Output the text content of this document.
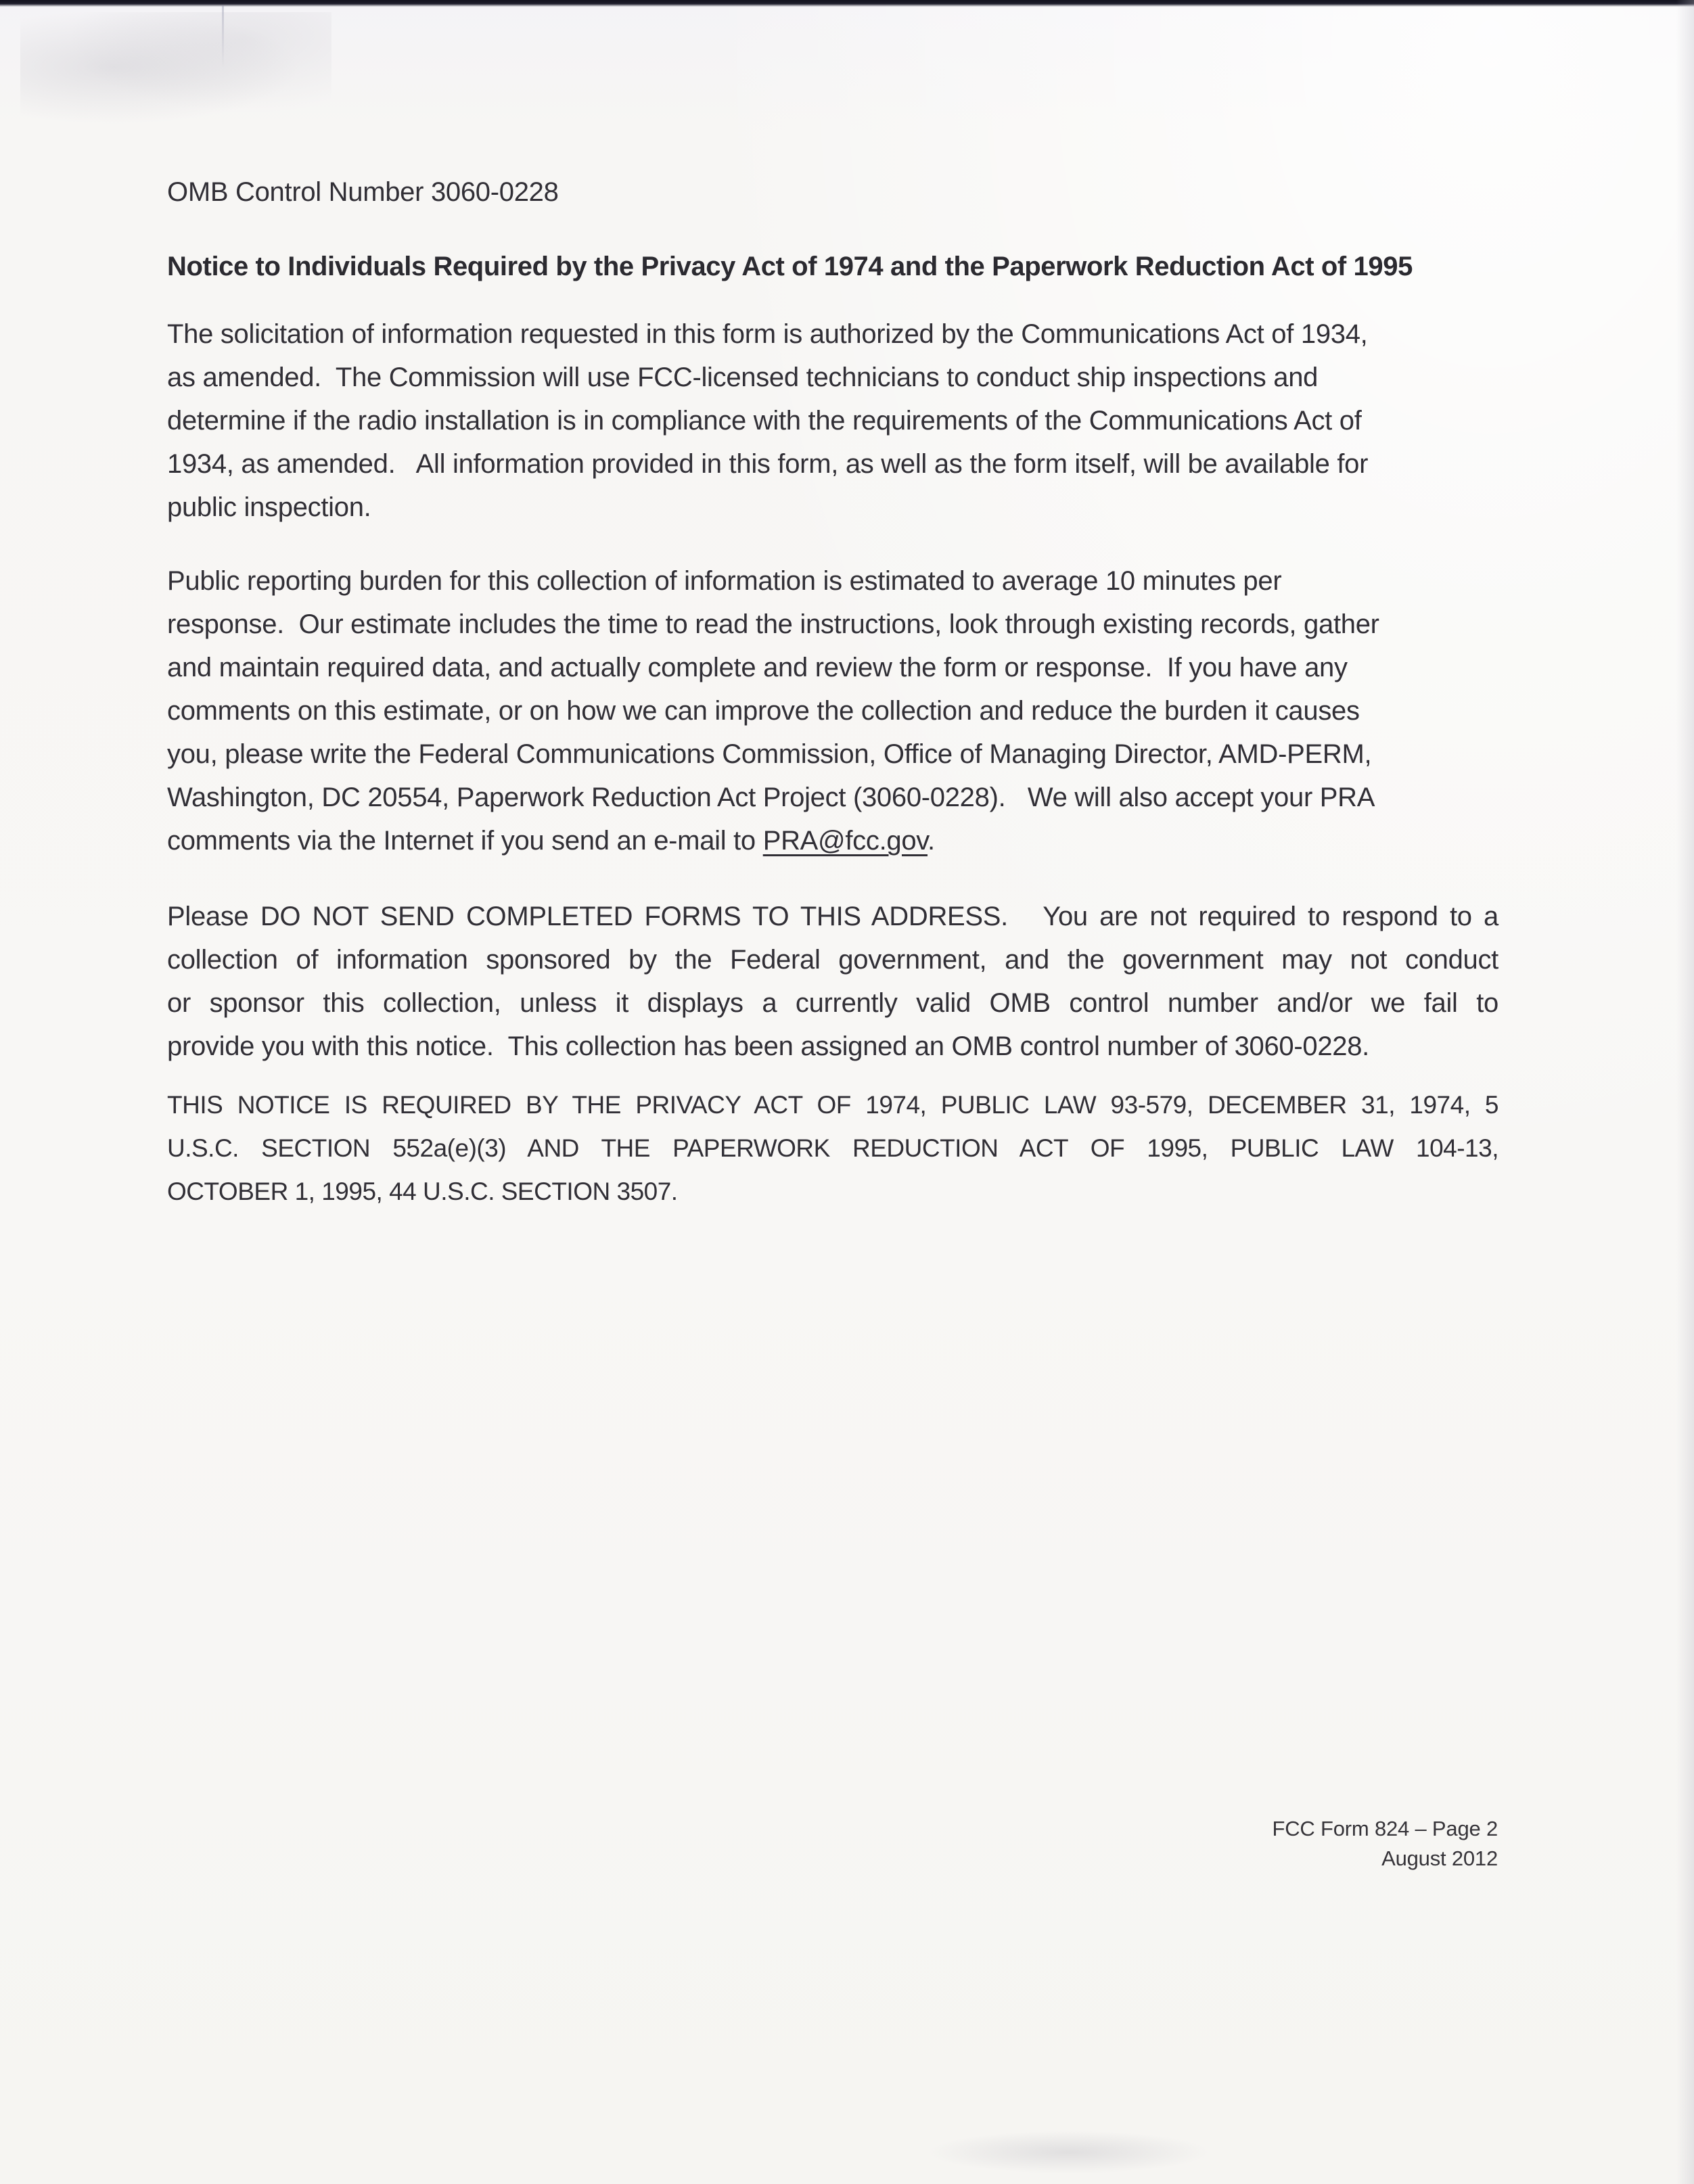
OMB Control Number 3060-0228
Notice to Individuals Required by the Privacy Act of 1974 and the Paperwork Reduction Act of 1995
The solicitation of information requested in this form is authorized by the Communications Act of 1934,
as amended.  The Commission will use FCC-licensed technicians to conduct ship inspections and
determine if the radio installation is in compliance with the requirements of the Communications Act of
1934, as amended.   All information provided in this form, as well as the form itself, will be available for
public inspection.
Public reporting burden for this collection of information is estimated to average 10 minutes per
response.  Our estimate includes the time to read the instructions, look through existing records, gather
and maintain required data, and actually complete and review the form or response.  If you have any
comments on this estimate, or on how we can improve the collection and reduce the burden it causes
you, please write the Federal Communications Commission, Office of Managing Director, AMD-PERM,
Washington, DC 20554, Paperwork Reduction Act Project (3060-0228).   We will also accept your PRA
comments via the Internet if you send an e-mail to PRA@fcc.gov.
Please DO NOT SEND COMPLETED FORMS TO THIS ADDRESS.   You are not required to respond to a
collection of information sponsored by the Federal government, and the government may not conduct
or sponsor this collection, unless it displays a currently valid OMB control number and/or we fail to
provide you with this notice.  This collection has been assigned an OMB control number of 3060-0228.
THIS NOTICE IS REQUIRED BY THE PRIVACY ACT OF 1974, PUBLIC LAW 93-579, DECEMBER 31, 1974, 5
U.S.C. SECTION 552a(e)(3) AND THE PAPERWORK REDUCTION ACT OF 1995, PUBLIC LAW 104-13,
OCTOBER 1, 1995, 44 U.S.C. SECTION 3507.
FCC Form 824 – Page 2
August 2012
